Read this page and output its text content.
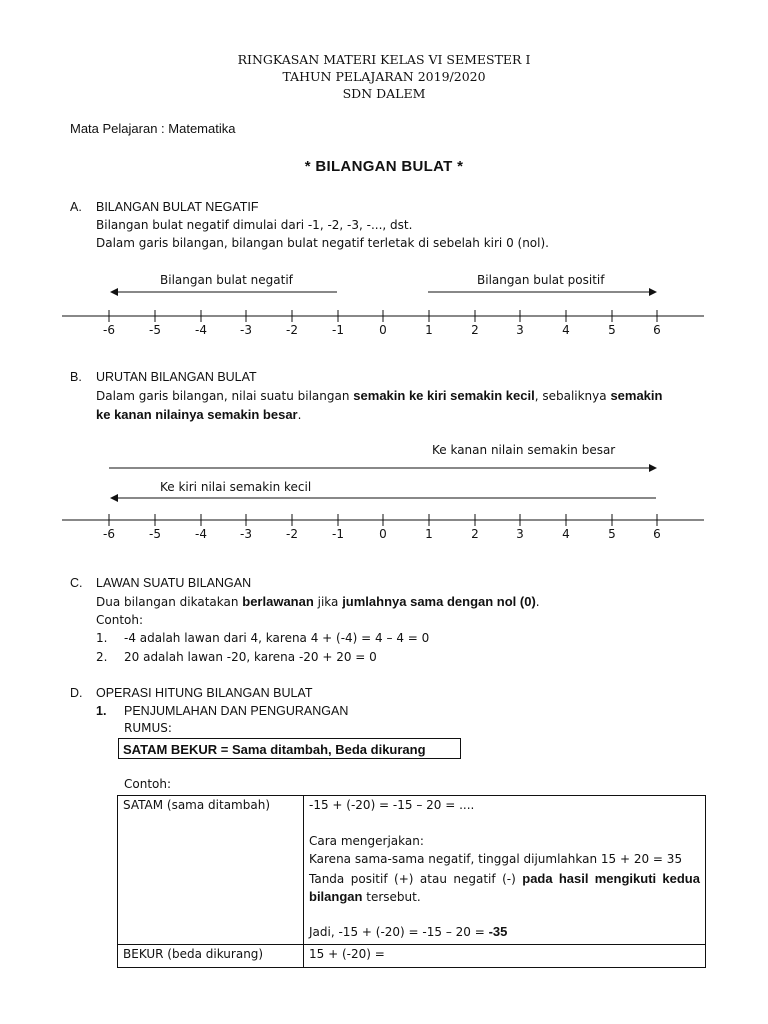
RINGKASAN MATERI KELAS VI SEMESTER I
TAHUN PELAJARAN 2019/2020
SDN DALEM
Mata Pelajaran : Matematika
* BILANGAN BULAT *
A. BILANGAN BULAT NEGATIF
Bilangan bulat negatif dimulai dari -1, -2, -3, -..., dst.
Dalam garis bilangan, bilangan bulat negatif terletak di sebelah kiri 0 (nol).
Bilangan bulat negatif	Bilangan bulat positif
-6	-5	-4	-3	-2	-1	0	1	2	3	4	5	6
-6	-5	-4	-3	-2	-1	0	1	2	3	4	5	6
B. URUTAN BILANGAN BULAT
Dalam garis bilangan, nilai suatu bilangan semakin ke kiri semakin kecil, sebaliknya semakin
ke kanan nilainya semakin besar.
Ke kanan nilain semakin besar
Ke kiri nilai semakin kecil
C. LAWAN SUATU BILANGAN
Dua bilangan dikatakan berlawanan jika jumlahnya sama dengan nol (0).
Contoh:
1. -4 adalah lawan dari 4, karena 4 + (-4) = 4 – 4 = 0
2. 20 adalah lawan -20, karena -20 + 20 = 0
D. OPERASI HITUNG BILANGAN BULAT
1. PENJUMLAHAN DAN PENGURANGAN
RUMUS:
SATAM BEKUR = Sama ditambah, Beda dikurang
Contoh:
SATAM (sama ditambah)	-15 + (-20) = -15 – 20 = ....
Cara mengerjakan:
Karena sama-sama negatif, tinggal dijumlahkan 15 + 20 = 35
Tanda positif (+) atau negatif (-) pada hasil mengikuti kedua bilangan tersebut.
Jadi, -15 + (-20) = -15 – 20 = -35

BEKUR (beda dikurang)	15 + (-20) =
